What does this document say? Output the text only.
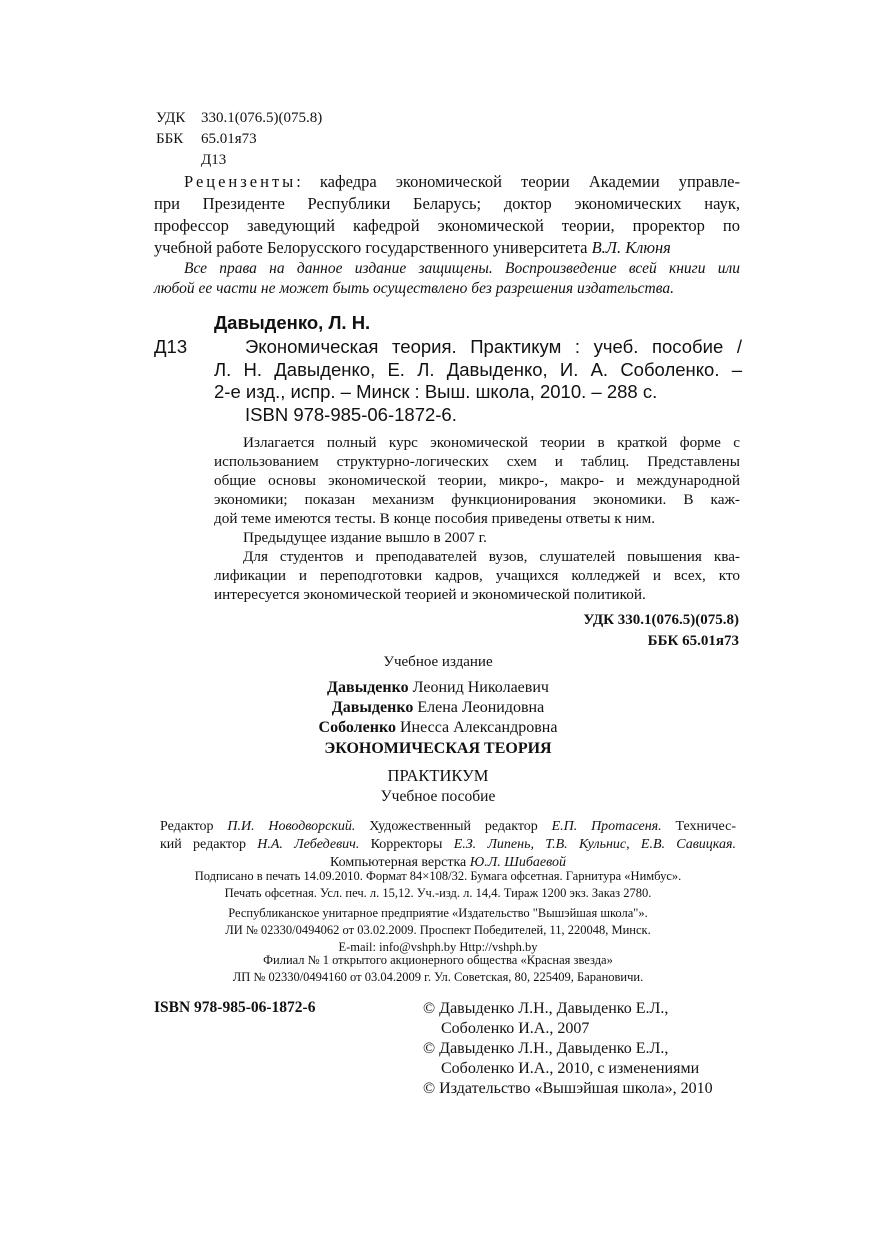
УДК 330.1(076.5)(075.8)
ББК 65.01я73
Д13
Рецензенты: кафедра экономической теории Академии управле-
при Президенте Республики Беларусь; доктор экономических наук,
профессор заведующий кафедрой экономической теории, проректор по
учебной работе Белорусского государственного университета В.Л. Клюня
Все права на данное издание защищены. Воспроизведение всей книги или
любой ее части не может быть осуществлено без разрешения издательства.
Давыденко, Л. Н.
Д13	Экономическая теория. Практикум : учеб. пособие /
Л. Н. Давыденко, Е. Л. Давыденко, И. А. Соболенко. –
2-е изд., испр. – Минск : Выш. школа, 2010. – 288 с.
ISBN 978-985-06-1872-6.
Излагается полный курс экономической теории в краткой форме с
использованием структурно-логических схем и таблиц. Представлены
общие основы экономической теории, микро-, макро- и международной
экономики; показан механизм функционирования экономики. В каж-
дой теме имеются тесты. В конце пособия приведены ответы к ним.
Предыдущее издание вышло в 2007 г.
Для студентов и преподавателей вузов, слушателей повышения ква-
лификации и переподготовки кадров, учащихся колледжей и всех, кто
интересуется экономической теорией и экономической политикой.
УДК 330.1(076.5)(075.8)
ББК 65.01я73
Учебное издание
Давыденко Леонид Николаевич
Давыденко Елена Леонидовна
Соболенко Инесса Александровна
ЭКОНОМИЧЕСКАЯ ТЕОРИЯ
ПРАКТИКУМ
Учебное пособие
Редактор П.И. Новодворский. Художественный редактор Е.П. Протасеня. Техничес-
кий редактор Н.А. Лебедевич. Корректоры Е.З. Липень, Т.В. Кульнис, Е.В. Савицкая.
Компьютерная верстка Ю.Л. Шибаевой
Подписано в печать 14.09.2010. Формат 84×108/32. Бумага офсетная. Гарнитура «Нимбус».
Печать офсетная. Усл. печ. л. 15,12. Уч.-изд. л. 14,4. Тираж 1200 экз. Заказ 2780.
Республиканское унитарное предприятие «Издательство "Вышэйшая школа"».
ЛИ № 02330/0494062 от 03.02.2009. Проспект Победителей, 11, 220048, Минск.
E-mail: info@vshph.by Http://vshph.by
Филиал № 1 открытого акционерного общества «Красная звезда»
ЛП № 02330/0494160 от 03.04.2009 г. Ул. Советская, 80, 225409, Барановичи.
ISBN 978-985-06-1872-6	© Давыденко Л.Н., Давыденко Е.Л.,
Соболенко И.А., 2007
© Давыденко Л.Н., Давыденко Е.Л.,
Соболенко И.А., 2010, с изменениями
© Издательство «Вышэйшая школа», 2010
